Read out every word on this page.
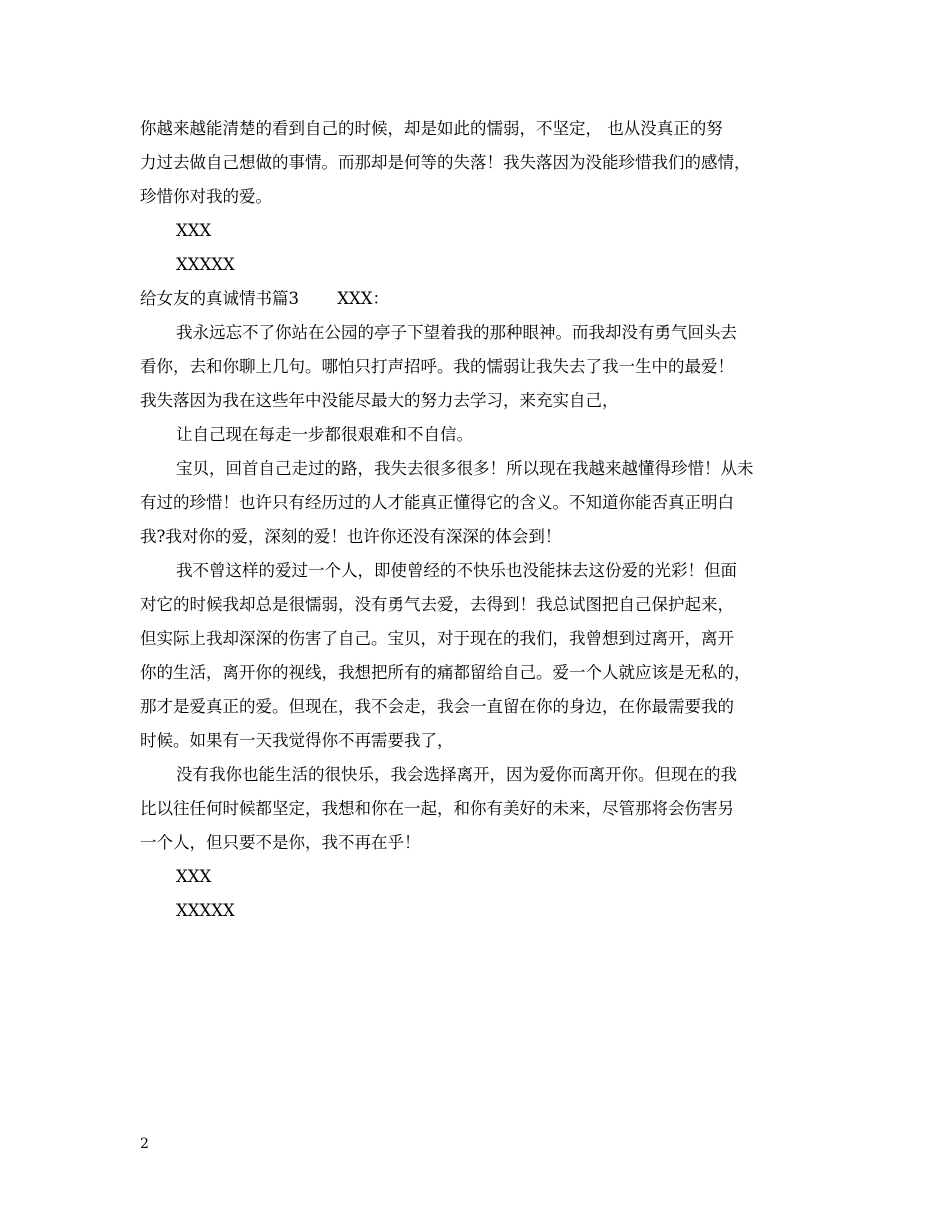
你越来越能清楚的看到自己的时候，却是如此的懦弱，不坚定， 也从没真正的努
力过去做自己想做的事情。而那却是何等的失落！我失落因为没能珍惜我们的感情，
珍惜你对我的爱。
XXX
XXXXX
给女友的真诚情书篇3 　　XXX：
我永远忘不了你站在公园的亭子下望着我的那种眼神。而我却没有勇气回头去
看你，去和你聊上几句。哪怕只打声招呼。我的懦弱让我失去了我一生中的最爱！
我失落因为我在这些年中没能尽最大的努力去学习，来充实自己，
让自己现在每走一步都很艰难和不自信。
宝贝，回首自己走过的路，我失去很多很多！所以现在我越来越懂得珍惜！从未
有过的珍惜！也许只有经历过的人才能真正懂得它的含义。不知道你能否真正明白
我?我对你的爱，深刻的爱！也许你还没有深深的体会到！
我不曾这样的爱过一个人，即使曾经的不快乐也没能抹去这份爱的光彩！但面
对它的时候我却总是很懦弱，没有勇气去爱，去得到！我总试图把自己保护起来，
但实际上我却深深的伤害了自己。宝贝，对于现在的我们，我曾想到过离开，离开
你的生活，离开你的视线，我想把所有的痛都留给自己。爱一个人就应该是无私的，
那才是爱真正的爱。但现在，我不会走，我会一直留在你的身边，在你最需要我的
时候。如果有一天我觉得你不再需要我了，
没有我你也能生活的很快乐，我会选择离开，因为爱你而离开你。但现在的我
比以往任何时候都坚定，我想和你在一起，和你有美好的未来，尽管那将会伤害另
一个人，但只要不是你，我不再在乎！
XXX
XXXXX
2
